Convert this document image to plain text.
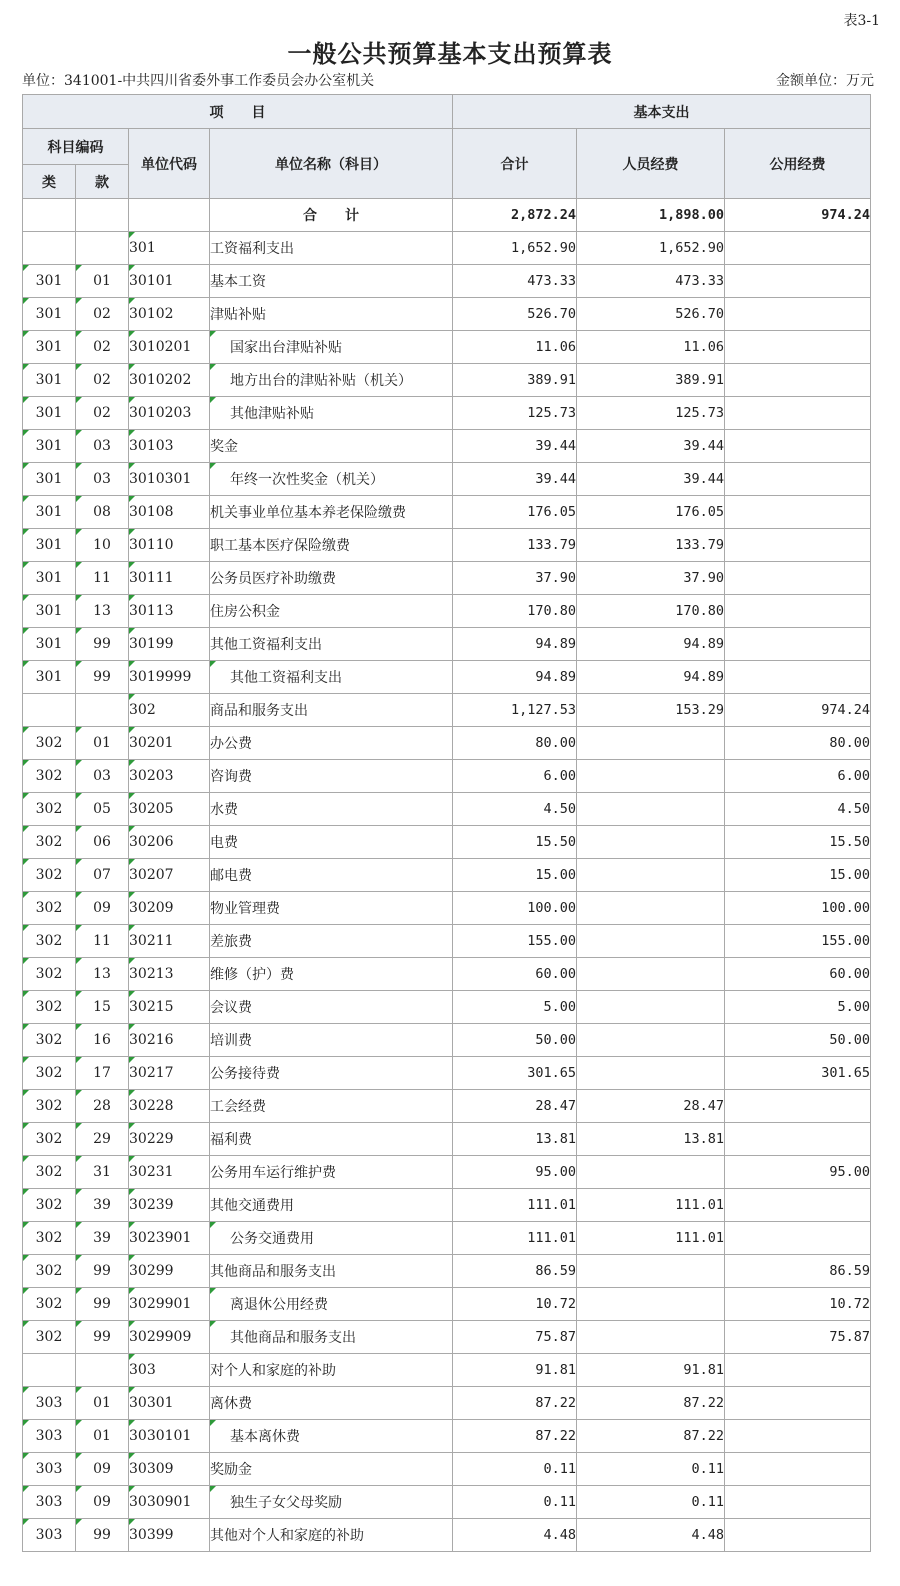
表3-1
一般公共预算基本支出预算表
单位：341001-中共四川省委外事工作委员会办公室机关	金额单位：万元
项　　目				基本支出		
科目编码		单位代码	单位名称（科目）	合计	人员经费	公用经费
类	款					
			合　　计	2,872.24	1,898.00	974.24
		301	工资福利支出	1,652.90	1,652.90	
301	01	30101	基本工资	473.33	473.33	
301	02	30102	津贴补贴	526.70	526.70	
301	02	3010201	国家出台津贴补贴	11.06	11.06	
301	02	3010202	地方出台的津贴补贴（机关）	389.91	389.91	
301	02	3010203	其他津贴补贴	125.73	125.73	
301	03	30103	奖金	39.44	39.44	
301	03	3010301	年终一次性奖金（机关）	39.44	39.44	
301	08	30108	机关事业单位基本养老保险缴费	176.05	176.05	
301	10	30110	职工基本医疗保险缴费	133.79	133.79	
301	11	30111	公务员医疗补助缴费	37.90	37.90	
301	13	30113	住房公积金	170.80	170.80	
301	99	30199	其他工资福利支出	94.89	94.89	
301	99	3019999	其他工资福利支出	94.89	94.89	
		302	商品和服务支出	1,127.53	153.29	974.24
302	01	30201	办公费	80.00		80.00
302	03	30203	咨询费	6.00		6.00
302	05	30205	水费	4.50		4.50
302	06	30206	电费	15.50		15.50
302	07	30207	邮电费	15.00		15.00
302	09	30209	物业管理费	100.00		100.00
302	11	30211	差旅费	155.00		155.00
302	13	30213	维修（护）费	60.00		60.00
302	15	30215	会议费	5.00		5.00
302	16	30216	培训费	50.00		50.00
302	17	30217	公务接待费	301.65		301.65
302	28	30228	工会经费	28.47	28.47	
302	29	30229	福利费	13.81	13.81	
302	31	30231	公务用车运行维护费	95.00		95.00
302	39	30239	其他交通费用	111.01	111.01	
302	39	3023901	公务交通费用	111.01	111.01	
302	99	30299	其他商品和服务支出	86.59		86.59
302	99	3029901	离退休公用经费	10.72		10.72
302	99	3029909	其他商品和服务支出	75.87		75.87
		303	对个人和家庭的补助	91.81	91.81	
303	01	30301	离休费	87.22	87.22	
303	01	3030101	基本离休费	87.22	87.22	
303	09	30309	奖励金	0.11	0.11	
303	09	3030901	独生子女父母奖励	0.11	0.11	
303	99	30399	其他对个人和家庭的补助	4.48	4.48	
